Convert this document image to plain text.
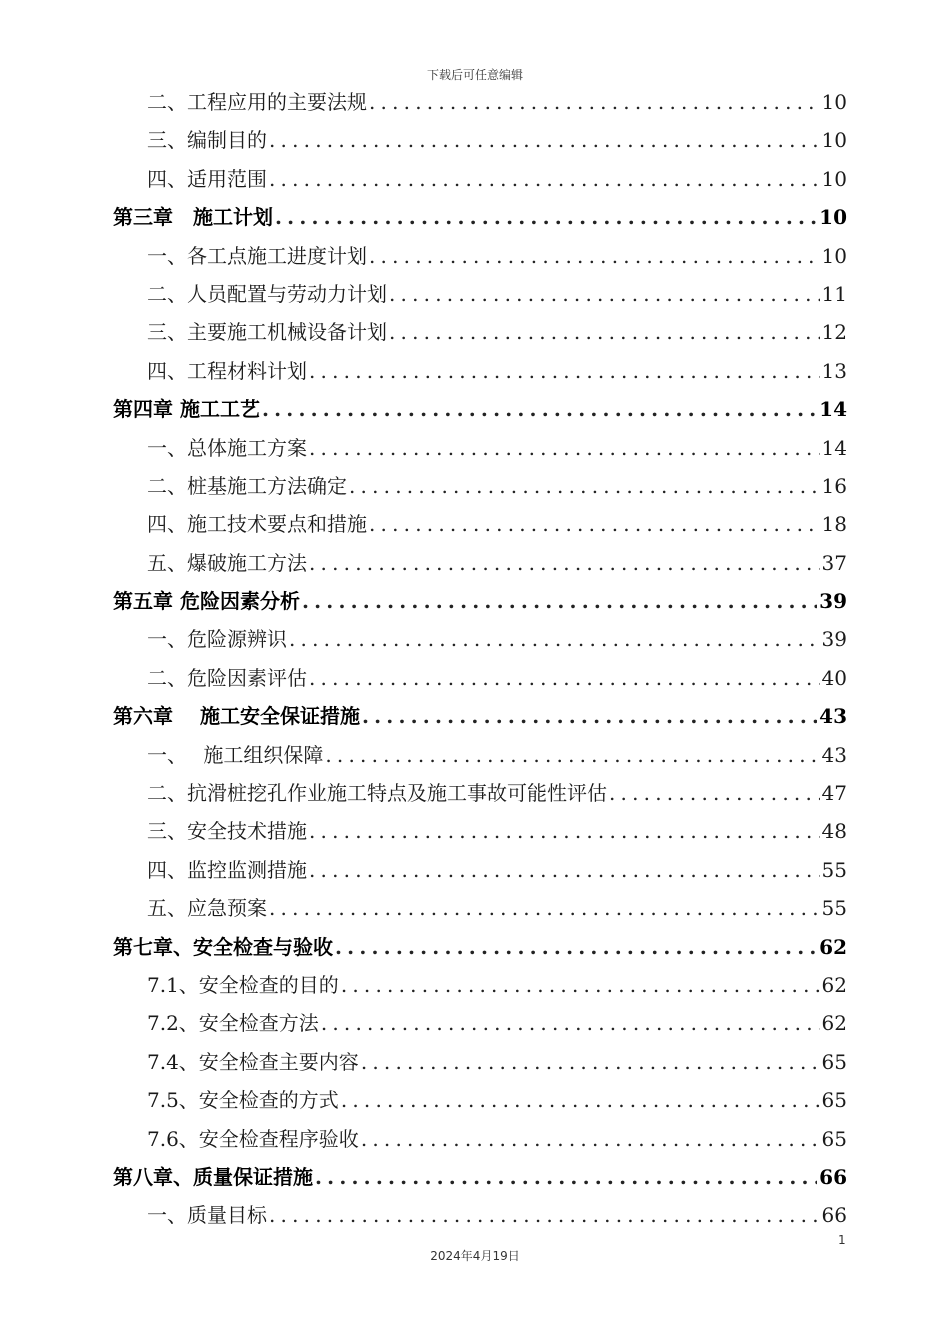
下载后可任意编辑
二、工程应用的主要法规 .....	10
三、编制目的 .....	10
四、适用范围 .....	10
第三章　施工计划 .....	10
一、各工点施工进度计划 .....	10
二、人员配置与劳动力计划 .....	11
三、主要施工机械设备计划 .....	12
四、工程材料计划 .....	13
第四章 施工工艺 .....	14
一、总体施工方案 .....	14
二、桩基施工方法确定 .....	16
四、施工技术要点和措施 .....	18
五、爆破施工方法 .....	37
第五章 危险因素分析 .....	39
一、危险源辨识 .....	39
二、危险因素评估 .....	40
第六章　 施工安全保证措施 .....	43
一、　 施工组织保障 .....	43
二、抗滑桩挖孔作业施工特点及施工事故可能性评估 .....	47
三、安全技术措施 .....	48
四、监控监测措施 .....	55
五、应急预案 .....	55
第七章、安全检查与验收 .....	62
7.1、安全检查的目的 .....	62
7.2、安全检查方法 .....	62
7.4、安全检查主要内容 .....	65
7.5、安全检查的方式 .....	65
7.6、安全检查程序验收 .....	65
第八章、质量保证措施 .....	66
一、质量目标 .....	66
1
2024年4月19日
